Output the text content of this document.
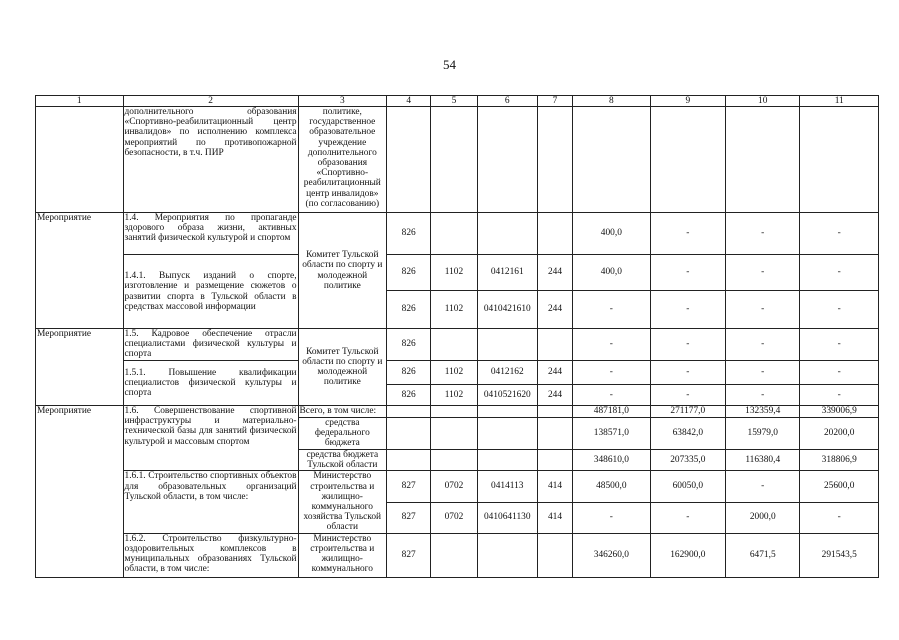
54
1	2	3	4	5	6	7	8	9	10	11
	дополнительного образования «Спортивно-реабилитационный центр инвалидов» по исполнению комплекса мероприятий по противопожарной безопасности, в т.ч. ПИР	политике, государственное образовательное учреждение дополнительного образования «Спортивно-реабилитационный центр инвалидов» (по согласованию)								
Мероприятие	1.4. Мероприятия по пропаганде здорового образа жизни, активных занятий физической культурой и спортом	Комитет Тульской области по спорту и молодежной политике	826				400,0	-	-	-
	1.4.1. Выпуск изданий о спорте, изготовление и размещение сюжетов о развитии спорта в Тульской области в средствах массовой информации		826	1102	0412161	244	400,0	-	-	-
			826	1102	0410421610	244	-	-	-	-
Мероприятие	1.5. Кадровое обеспечение отрасли специалистами физической культуры и спорта	Комитет Тульской области по спорту и молодежной политике	826				-	-	-	-
	1.5.1. Повышение квалификации специалистов физической культуры и спорта		826	1102	0412162	244	-	-	-	-
			826	1102	0410521620	244	-	-	-	-
Мероприятие	1.6. Совершенствование спортивной инфраструктуры и материально-технической базы для занятий физической культурой и массовым спортом	Всего, в том числе:					487181,0	271177,0	132359,4	339006,9
		средства федерального бюджета					138571,0	63842,0	15979,0	20200,0
		средства бюджета Тульской области					348610,0	207335,0	116380,4	318806,9
	1.6.1. Строительство спортивных объектов для образовательных организаций Тульской области, в том числе:	Министерство строительства и жилищно-коммунального хозяйства Тульской области	827	0702	0414113	414	48500,0	60050,0	-	25600,0
			827	0702	0410641130	414	-	-	2000,0	-
	1.6.2. Строительство физкультурно-оздоровительных комплексов в муниципальных образованиях Тульской области, в том числе:	Министерство строительства и жилищно-коммунального	827				346260,0	162900,0	6471,5	291543,5
